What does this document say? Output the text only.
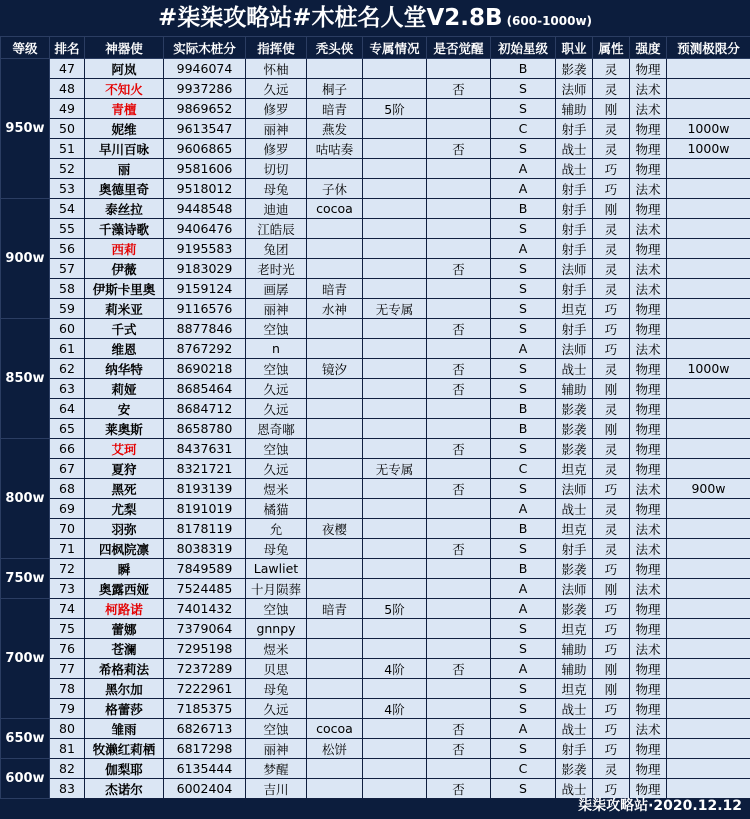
#柒柒攻略站#木桩名人堂V2.8B (600-1000w)
等级	排名	神器使	实际木桩分	指挥使	秃头侠	专属情况	是否觉醒	初始星级	职业	属性	强度	预测极限分
950w	47	阿岚	9946074	怀柚				B	影袭	灵	物理	
	48	不知火	9937286	久远	桐子		否	S	法师	灵	法术	
	49	青檀	9869652	修罗	暗青	5阶		S	辅助	刚	法术	
	50	妮维	9613547	丽神	燕发			C	射手	灵	物理	1000w
	51	早川百咏	9606865	修罗	咕咕奏		否	S	战士	灵	物理	1000w
	52	丽	9581606	切切				A	战士	巧	物理	
	53	奥德里奇	9518012	母兔	子休			A	射手	巧	法术	
900w	54	泰丝拉	9448548	迪迪	cocoa			B	射手	刚	物理	
	55	千藻诗歌	9406476	江皓辰				S	射手	灵	法术	
	56	西莉	9195583	兔团				A	射手	灵	物理	
	57	伊薇	9183029	老时光			否	S	法师	灵	法术	
	58	伊斯卡里奥	9159124	画孱	暗青			S	射手	灵	法术	
	59	莉米亚	9116576	丽神	水神	无专属		S	坦克	巧	物理	
850w	60	千式	8877846	空蚀			否	S	射手	巧	物理	
	61	维恩	8767292	n				A	法师	巧	法术	
	62	纳华特	8690218	空蚀	镜汐		否	S	战士	灵	物理	1000w
	63	莉娅	8685464	久远			否	S	辅助	刚	物理	
	64	安	8684712	久远				B	影袭	灵	物理	
	65	莱奥斯	8658780	恩奇嘟				B	影袭	刚	物理	
800w	66	艾珂	8437631	空蚀			否	S	影袭	灵	物理	
	67	夏狩	8321721	久远		无专属		C	坦克	灵	物理	
	68	黑死	8193139	煜米			否	S	法师	巧	法术	900w
	69	尤梨	8191019	橘猫				A	战士	灵	物理	
	70	羽弥	8178119	允	夜樱			B	坦克	灵	法术	
	71	四枫院凛	8038319	母兔			否	S	射手	灵	法术	
750w	72	瞬	7849589	Lawliet				B	影袭	巧	物理	
	73	奥露西娅	7524485	十月陨葬				A	法师	刚	法术	
700w	74	柯路诺	7401432	空蚀	暗青	5阶		A	影袭	巧	物理	
	75	蕾娜	7379064	gnnpy				S	坦克	巧	物理	
	76	苍澜	7295198	煜米				S	辅助	巧	法术	
	77	希格莉法	7237289	贝思		4阶	否	A	辅助	刚	物理	
	78	黑尔加	7222961	母兔				S	坦克	刚	物理	
	79	格蕾莎	7185375	久远		4阶		S	战士	巧	物理	
650w	80	雏雨	6826713	空蚀	cocoa		否	A	战士	巧	法术	
	81	牧濑红莉栖	6817298	丽神	松饼		否	S	射手	巧	物理	
600w	82	伽梨耶	6135444	梦醒				C	影袭	灵	物理	
	83	杰诺尔	6002404	吉川			否	S	战士	巧	物理	
柒柒攻略站·2020.12.12
